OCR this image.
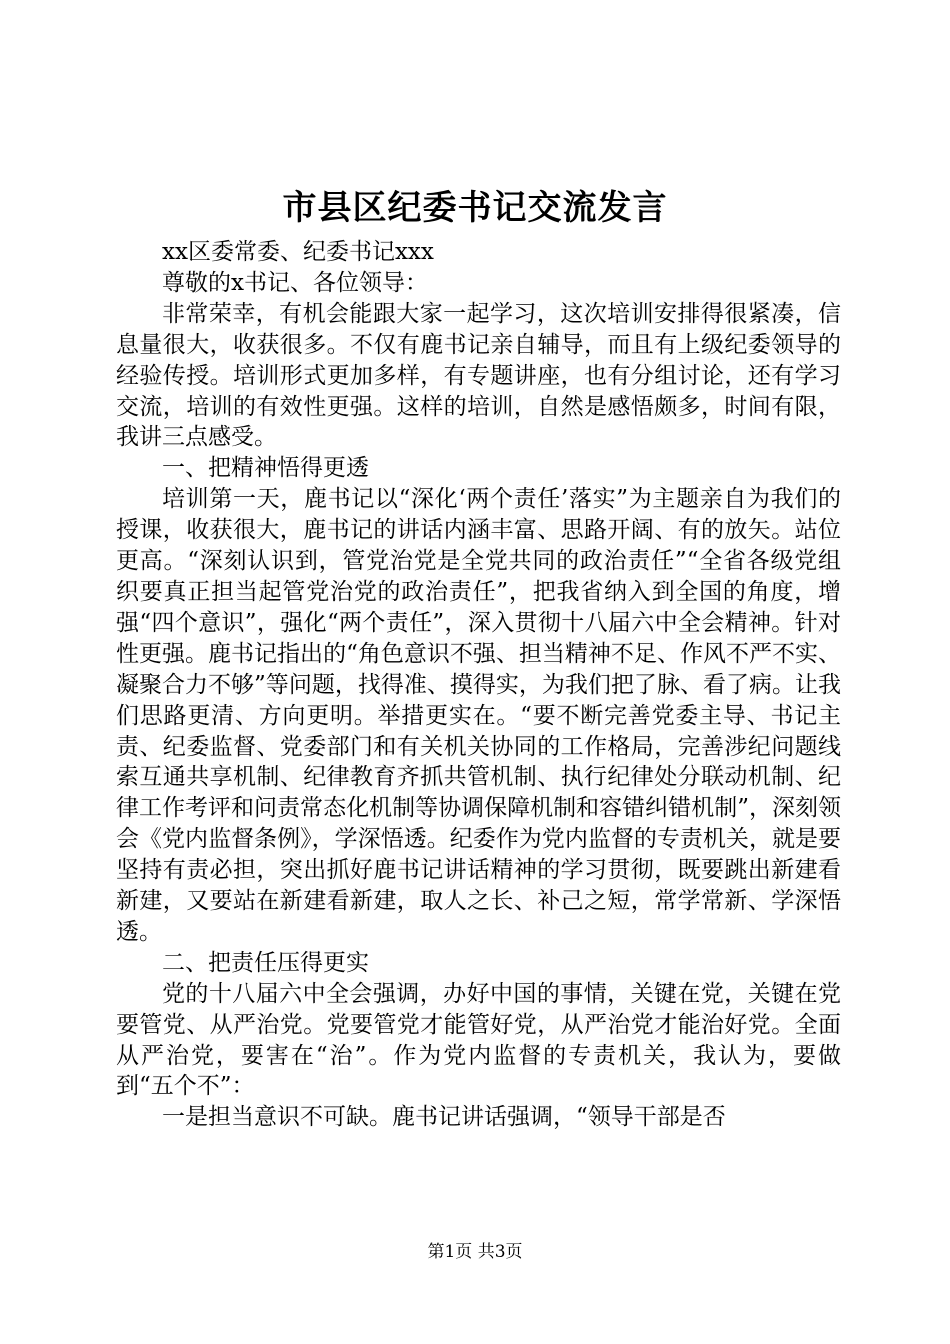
市县区纪委书记交流发言

xx区委常委、纪委书记xxx

尊敬的x书记、各位领导：

非常荣幸，有机会能跟大家一起学习，这次培训安排得很紧凑，信息量很大，收获很多。不仅有鹿书记亲自辅导，而且有上级纪委领导的经验传授。培训形式更加多样，有专题讲座，也有分组讨论，还有学习交流，培训的有效性更强。这样的培训，自然是感悟颇多，时间有限，我讲三点感受。

一、把精神悟得更透

培训第一天，鹿书记以“深化‘两个责任’落实”为主题亲自为我们的授课，收获很大，鹿书记的讲话内涵丰富、思路开阔、有的放矢。站位更高。“深刻认识到，管党治党是全党共同的政治责任”“全省各级党组织要真正担当起管党治党的政治责任”，把我省纳入到全国的角度，增强“四个意识”，强化“两个责任”，深入贯彻十八届六中全会精神。针对性更强。鹿书记指出的“角色意识不强、担当精神不足、作风不严不实、凝聚合力不够”等问题，找得准、摸得实，为我们把了脉、看了病。让我们思路更清、方向更明。举措更实在。“要不断完善党委主导、书记主责、纪委监督、党委部门和有关机关协同的工作格局，完善涉纪问题线索互通共享机制、纪律教育齐抓共管机制、执行纪律处分联动机制、纪律工作考评和问责常态化机制等协调保障机制和容错纠错机制”，深刻领会《党内监督条例》，学深悟透。纪委作为党内监督的专责机关，就是要坚持有责必担，突出抓好鹿书记讲话精神的学习贯彻，既要跳出新建看新建，又要站在新建看新建，取人之长、补己之短，常学常新、学深悟透。

二、把责任压得更实

党的十八届六中全会强调，办好中国的事情，关键在党，关键在党要管党、从严治党。党要管党才能管好党，从严治党才能治好党。全面从严治党，要害在“治”。作为党内监督的专责机关，我认为，要做到“五个不”：

一是担当意识不可缺。鹿书记讲话强调，“领导干部是否

第1页 共3页
